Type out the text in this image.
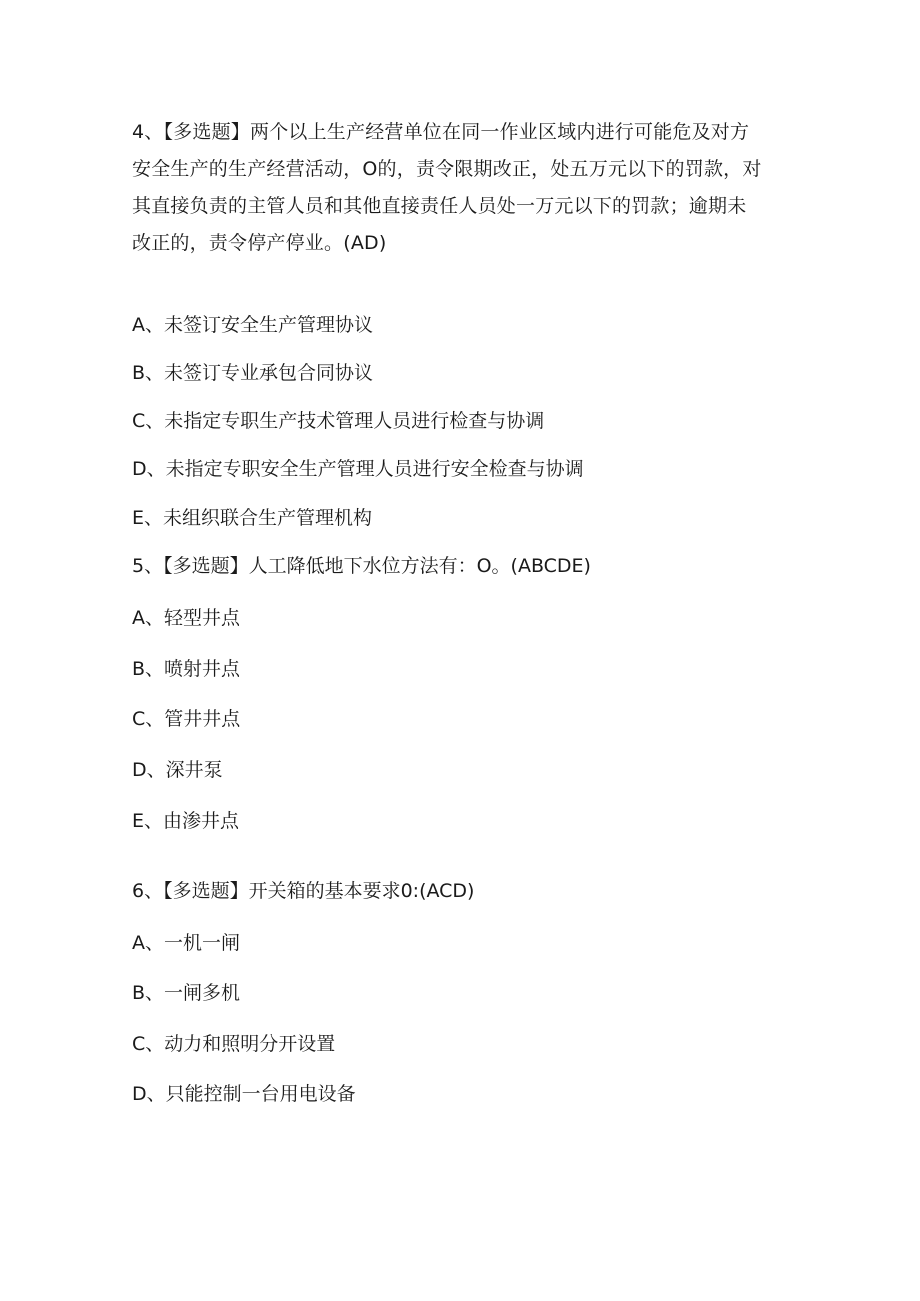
4、【多选题】两个以上生产经营单位在同一作业区域内进行可能危及对方
安全生产的生产经营活动，O的，责令限期改正，处五万元以下的罚款，对
其直接负责的主管人员和其他直接责任人员处一万元以下的罚款；逾期未
改正的，责令停产停业。(AD)

A、未签订安全生产管理协议

B、未签订专业承包合同协议

C、未指定专职生产技术管理人员进行检查与协调

D、未指定专职安全生产管理人员进行安全检查与协调

E、未组织联合生产管理机构

5、【多选题】人工降低地下水位方法有：O。(ABCDE)

A、轻型井点

B、喷射井点

C、管井井点

D、深井泵

E、由渗井点

6、【多选题】开关箱的基本要求0:(ACD)

A、一机一闸

B、一闸多机

C、动力和照明分开设置

D、只能控制一台用电设备
